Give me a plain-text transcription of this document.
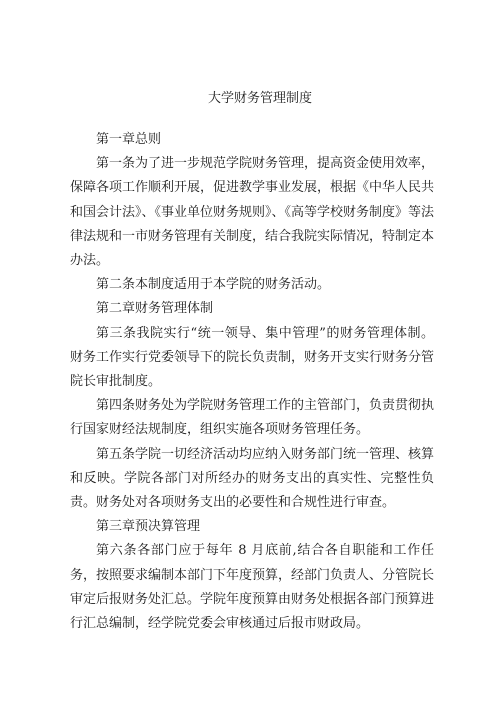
大学财务管理制度
第一章总则
第一条为了进一步规范学院财务管理，提高资金使用效率，保障各项工作顺利开展，促进教学事业发展，根据《中华人民共和国会计法》、《事业单位财务规则》、《高等学校财务制度》等法律法规和一市财务管理有关制度，结合我院实际情况，特制定本办法。
第二条本制度适用于本学院的财务活动。
第二章财务管理体制
第三条我院实行“统一领导、集中管理”的财务管理体制。财务工作实行党委领导下的院长负责制，财务开支实行财务分管院长审批制度。
第四条财务处为学院财务管理工作的主管部门，负责贯彻执行国家财经法规制度，组织实施各项财务管理任务。
第五条学院一切经济活动均应纳入财务部门统一管理、核算和反映。学院各部门对所经办的财务支出的真实性、完整性负责。财务处对各项财务支出的必要性和合规性进行审查。
第三章预决算管理
第六条各部门应于每年 8 月底前,结合各自职能和工作任务，按照要求编制本部门下年度预算，经部门负责人、分管院长审定后报财务处汇总。学院年度预算由财务处根据各部门预算进行汇总编制，经学院党委会审核通过后报市财政局。
